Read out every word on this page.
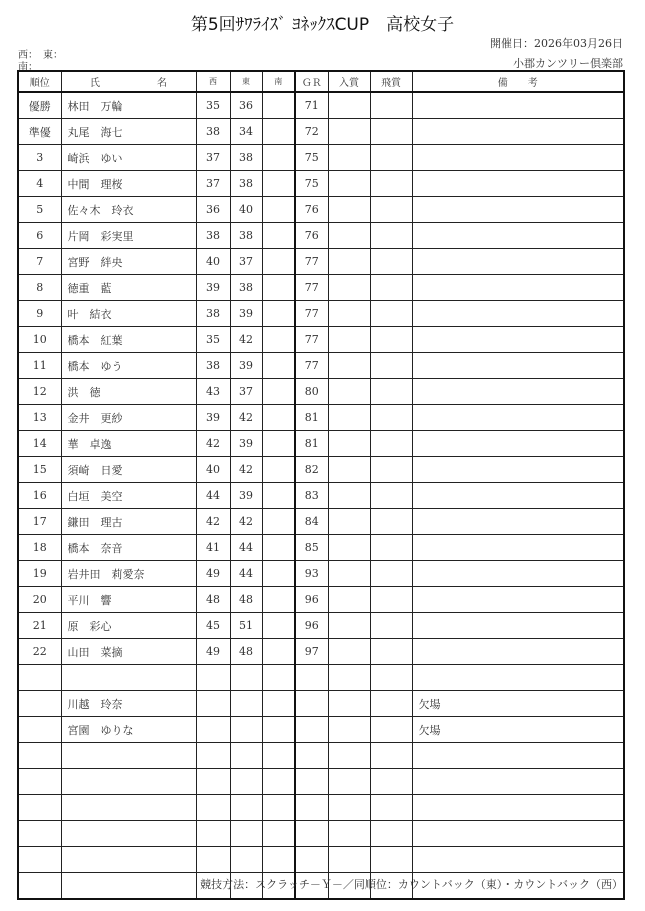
第5回ｻﾜﾗｲｽﾞ ﾖﾈｯｸｽCUP　高校女子
開催日：2026年03月26日
西：　東：
南：	小郡カンツリー倶楽部
順位	氏 名	西	東	南	ＧＲ	入賞	飛賞	備　　考
優勝	林田　万輪	35	36		71			
準優	丸尾　海七	38	34		72			
3	崎浜　ゆい	37	38		75			
4	中間　理桜	37	38		75			
5	佐々木　玲衣	36	40		76			
6	片岡　彩実里	38	38		76			
7	宮野　絆央	40	37		77			
8	徳重　藍	39	38		77			
9	叶　結衣	38	39		77			
10	橋本　紅葉	35	42		77			
11	橋本　ゆう	38	39		77			
12	洪　徳	43	37		80			
13	金井　更紗	39	42		81			
14	華　卓逸	42	39		81			
15	須崎　日愛	40	42		82			
16	白垣　美空	44	39		83			
17	鎌田　理古	42	42		84			
18	橋本　奈音	41	44		85			
19	岩井田　莉愛奈	49	44		93			
20	平川　響	48	48		96			
21	原　彩心	45	51		96			
22	山田　菜摘	49	48		97			

	川越　玲奈							欠場
	宮園　ゆりな							欠場

競技方法：スクラッチ－Ｙ－／同順位：カウントバック（東）・カウントバック（西）
